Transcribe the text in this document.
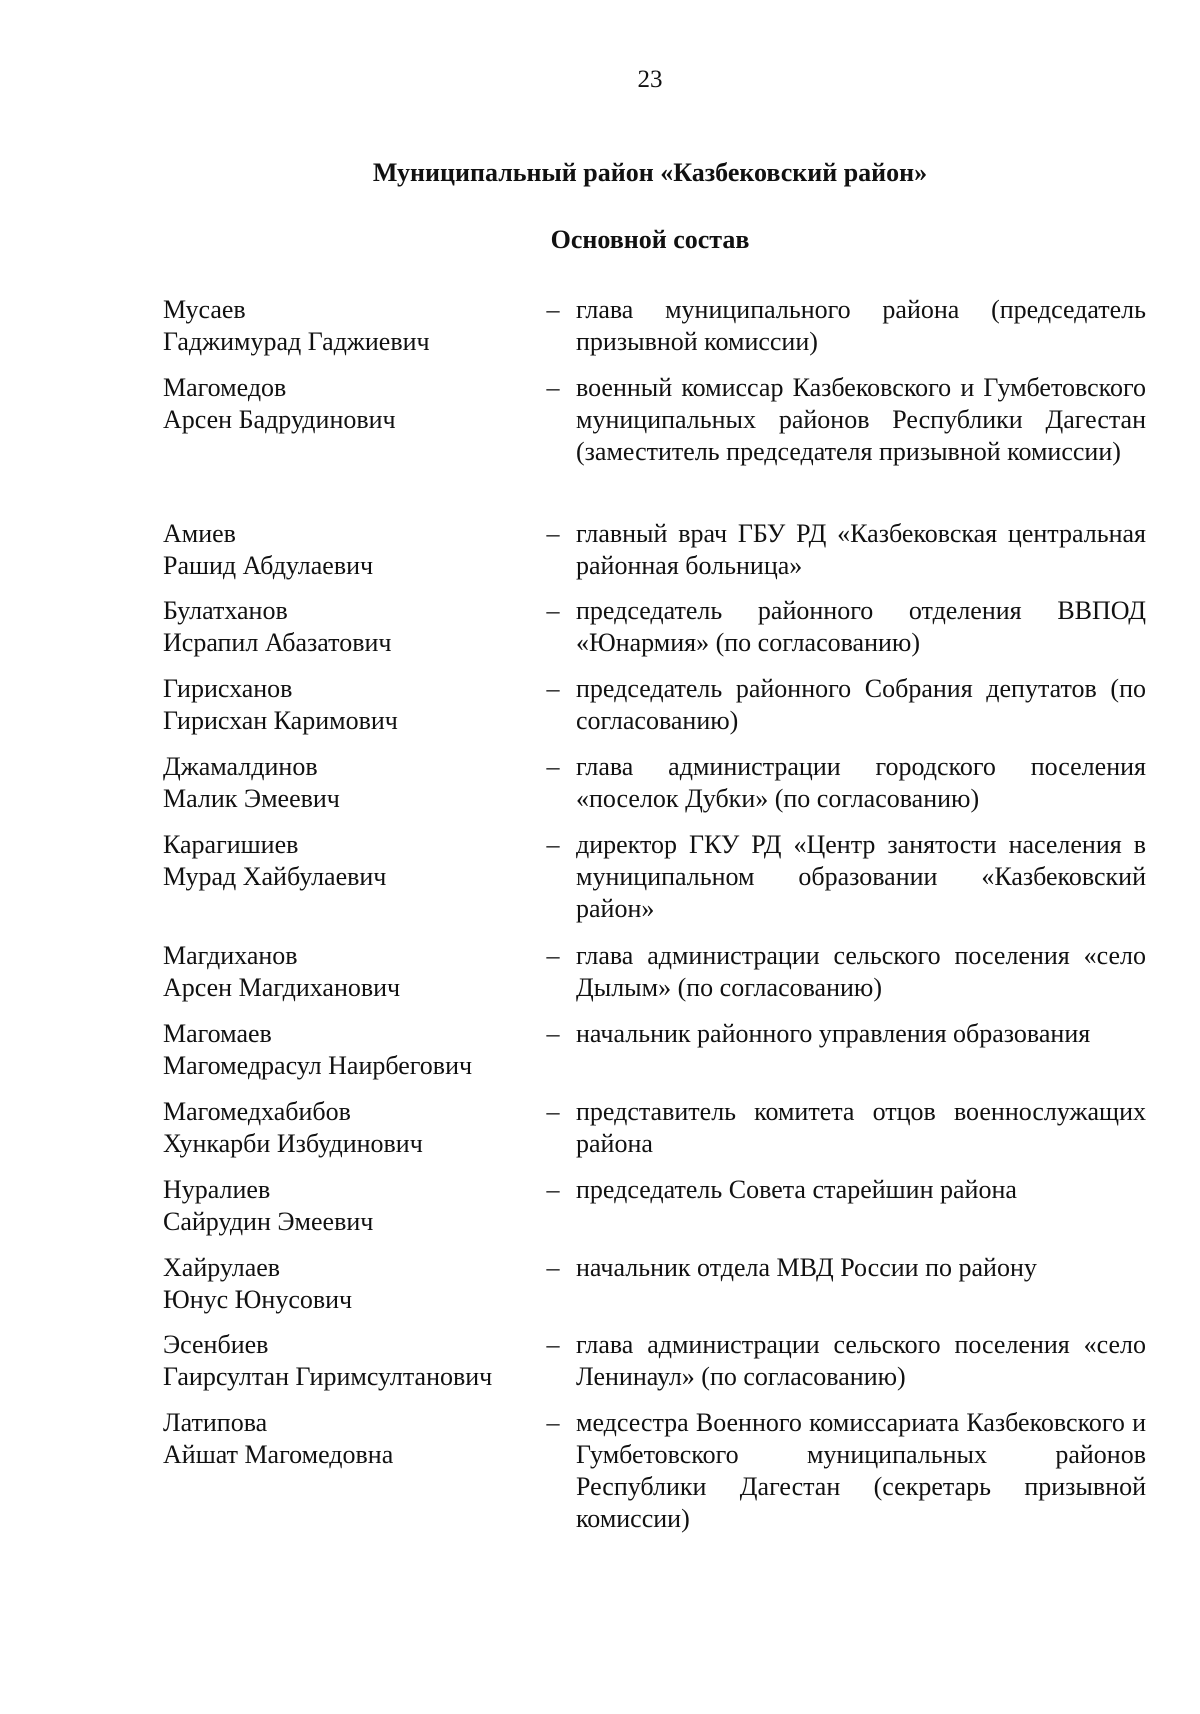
23
Муниципальный район «Казбековский район»
Основной состав
Мусаев
Гаджимурад Гаджиевич
– глава муниципального района (председатель призывной комиссии)
Магомедов
Арсен Бадрудинович
– военный комиссар Казбековского и Гумбетовского муниципальных районов Республики Дагестан (заместитель председателя призывной комиссии)
Амиев
Рашид Абдулаевич
– главный врач ГБУ РД «Казбековская центральная районная больница»
Булатханов
Исрапил Абазатович
– председатель районного отделения ВВПОД «Юнармия» (по согласованию)
Гирисханов
Гирисхан Каримович
– председатель районного Собрания депутатов (по согласованию)
Джамалдинов
Малик Эмеевич
– глава администрации городского поселения «поселок Дубки» (по согласованию)
Карагишиев
Мурад Хайбулаевич
– директор ГКУ РД «Центр занятости населения в муниципальном образовании «Казбековский район»
Магдиханов
Арсен Магдиханович
– глава администрации сельского поселения «село Дылым» (по согласованию)
Магомаев
Магомедрасул Наирбегович
– начальник районного управления образования
Магомедхабибов
Хункарби Избудинович
– представитель комитета отцов военнослужащих района
Нуралиев
Сайрудин Эмеевич
– председатель Совета старейшин района
Хайрулаев
Юнус Юнусович
– начальник отдела МВД России по району
Эсенбиев
Гаирсултан Гиримсултанович
– глава администрации сельского поселения «село Ленинаул» (по согласованию)
Латипова
Айшат Магомедовна
– медсестра Военного комиссариата Казбековского и Гумбетовского муниципальных районов Республики Дагестан (секретарь призывной комиссии)
